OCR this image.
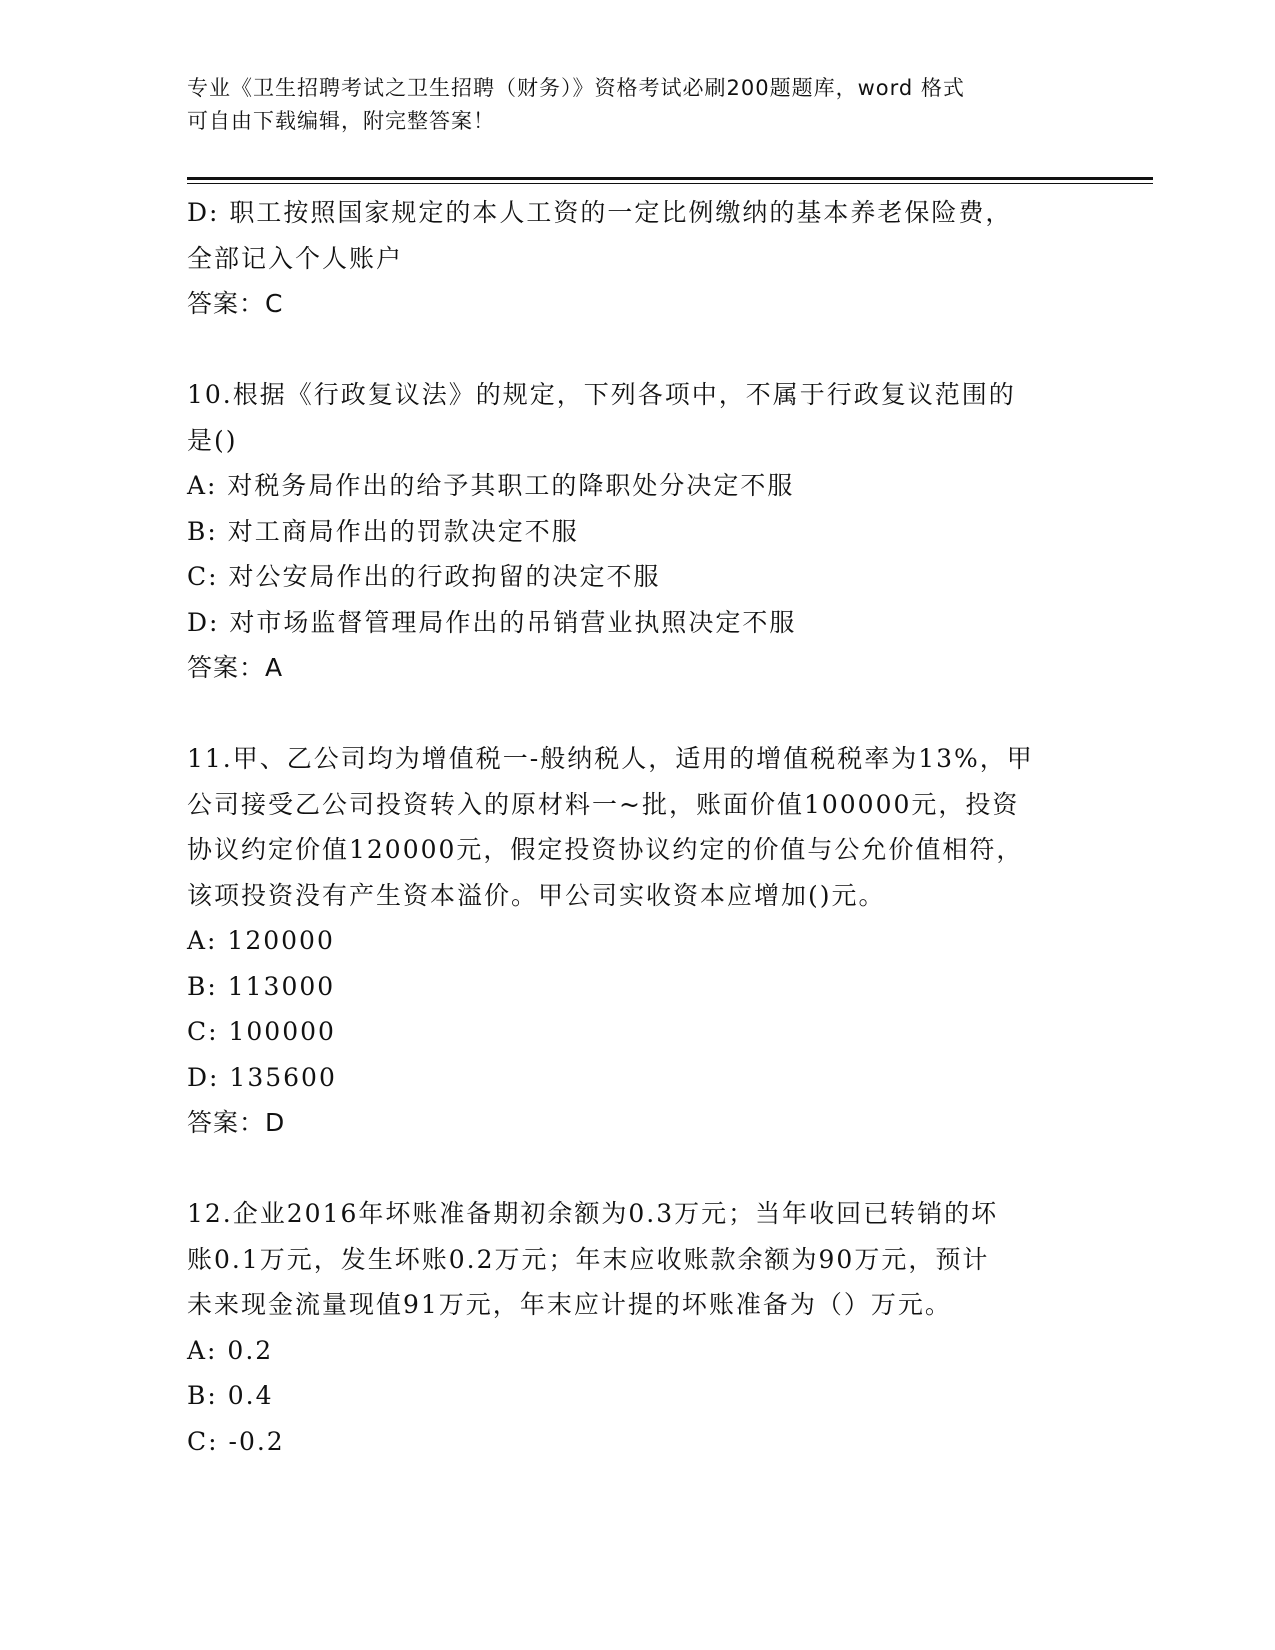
专业《卫生招聘考试之卫生招聘（财务）》资格考试必刷200题题库，word 格式
可自由下载编辑，附完整答案！

D: 职工按照国家规定的本人工资的一定比例缴纳的基本养老保险费，

全部记入个人账户

答案：C

10.根据《行政复议法》的规定，下列各项中，不属于行政复议范围的

是()

A: 对税务局作出的给予其职工的降职处分决定不服

B: 对工商局作出的罚款决定不服

C: 对公安局作出的行政拘留的决定不服

D: 对市场监督管理局作出的吊销营业执照决定不服

答案：A

11.甲、乙公司均为增值税一-般纳税人，适用的增值税税率为13%，甲

公司接受乙公司投资转入的原材料一~批，账面价值100000元，投资

协议约定价值120000元，假定投资协议约定的价值与公允价值相符，

该项投资没有产生资本溢价。甲公司实收资本应增加()元。

A: 120000

B: 113000

C: 100000

D: 135600

答案：D

12.企业2016年坏账准备期初余额为0.3万元；当年收回已转销的坏

账0.1万元，发生坏账0.2万元；年末应收账款余额为90万元，预计

未来现金流量现值91万元，年末应计提的坏账准备为（）万元。

A: 0.2

B: 0.4

C: -0.2
